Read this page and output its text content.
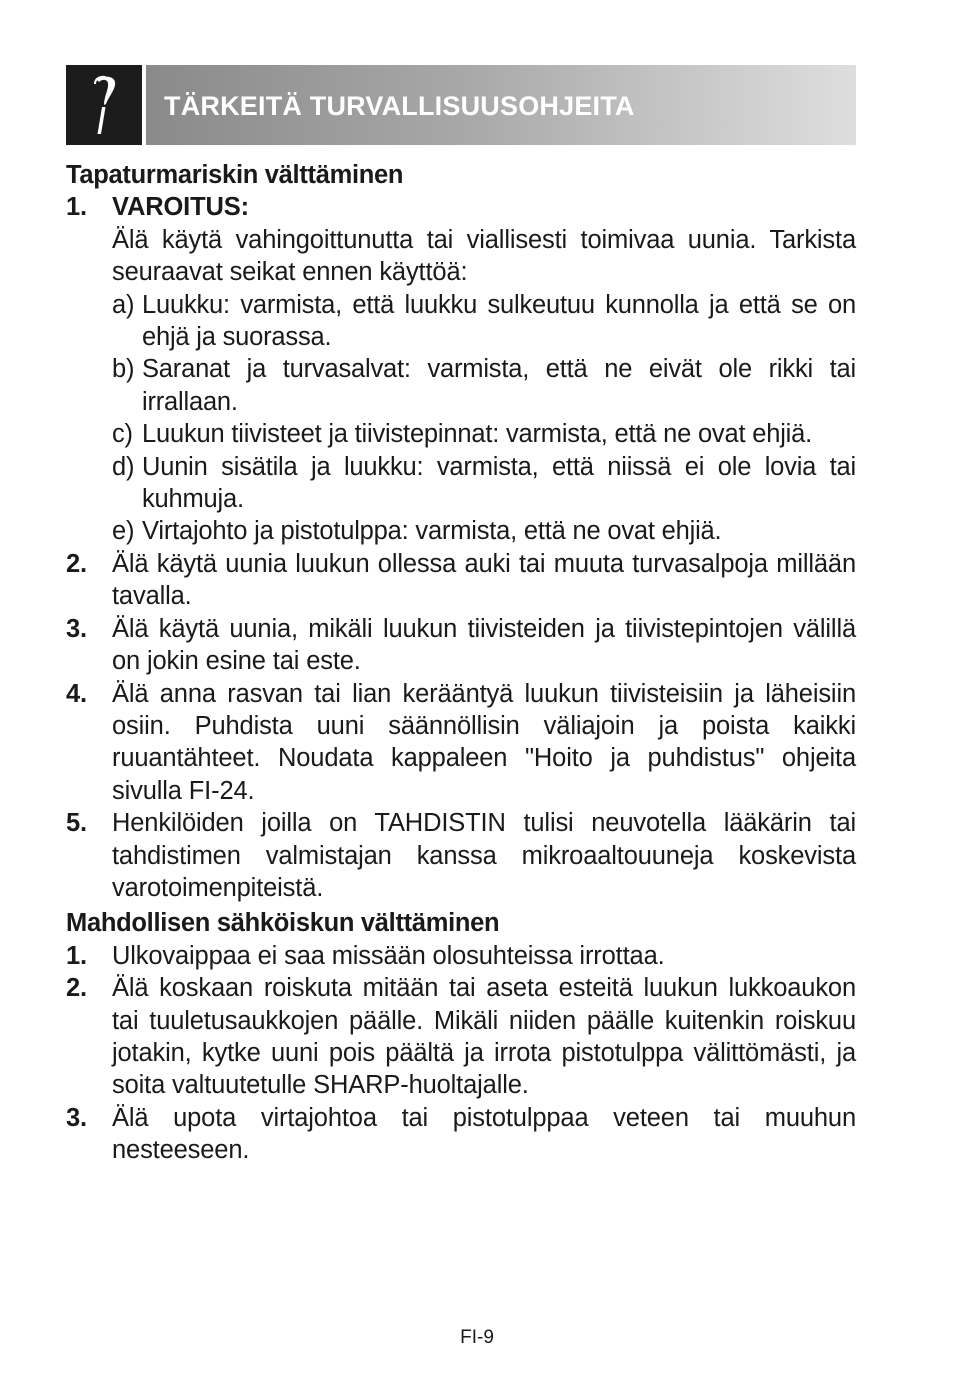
TÄRKEITÄ TURVALLISUUSOHJEITA
Tapaturmariskin välttäminen
1. VAROITUS:
Älä käytä vahingoittunutta tai viallisesti toimivaa uunia. Tarkista seuraavat seikat ennen käyttöä:
a) Luukku: varmista, että luukku sulkeutuu kunnolla ja että se on ehjä ja suorassa.
b) Saranat ja turvasalvat: varmista, että ne eivät ole rikki tai irrallaan.
c) Luukun tiivisteet ja tiivistepinnat: varmista, että ne ovat ehjiä.
d) Uunin sisätila ja luukku: varmista, että niissä ei ole lovia tai kuhmuja.
e) Virtajohto ja pistotulppa: varmista, että ne ovat ehjiä.
2. Älä käytä uunia luukun ollessa auki tai muuta turvasalpoja millään tavalla.
3. Älä käytä uunia, mikäli luukun tiivisteiden ja tiivistepintojen välillä on jokin esine tai este.
4. Älä anna rasvan tai lian kerääntyä luukun tiivisteisiin ja läheisiin osiin. Puhdista uuni säännöllisin väliajoin ja poista kaikki ruuantähteet. Noudata kappaleen "Hoito ja puhdistus" ohjeita sivulla FI-24.
5. Henkilöiden joilla on TAHDISTIN tulisi neuvotella lääkärin tai tahdistimen valmistajan kanssa mikroaaltouuneja koskevista varotoimenpiteistä.
Mahdollisen sähköiskun välttäminen
1. Ulkovaippaa ei saa missään olosuhteissa irrottaa.
2. Älä koskaan roiskuta mitään tai aseta esteitä luukun lukkoaukon tai tuuletusaukkojen päälle. Mikäli niiden päälle kuitenkin roiskuu jotakin, kytke uuni pois päältä ja irrota pistotulppa välittömästi, ja soita valtuutetulle SHARP-huoltajalle.
3. Älä upota virtajohtoa tai pistotulppaa veteen tai muuhun nesteeseen.
FI-9
